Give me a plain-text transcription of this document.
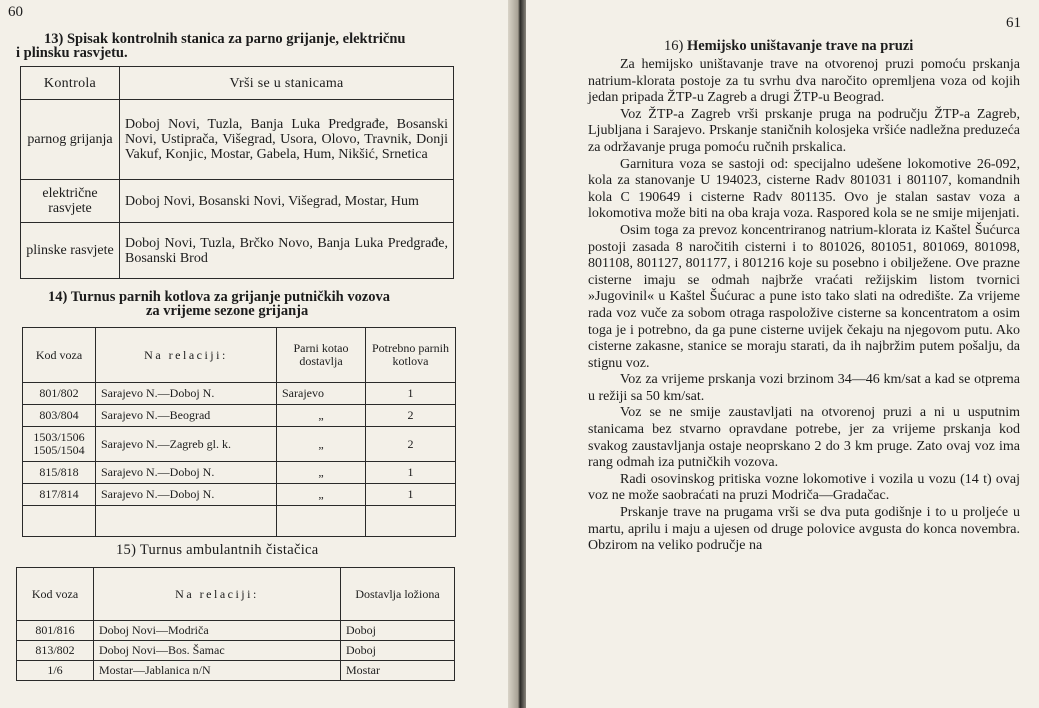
60
13) Spisak kontrolnih stanica za parno grijanje, električnu
i plinsku rasvjetu.
Kontrola	Vrši se u stanicama
parnog grijanja	Doboj Novi, Tuzla, Banja Luka Predgrađe, Bosanski Novi, Ustiprača, Višegrad, Usora, Olovo, Travnik, Donji Vakuf, Konjic, Mostar, Gabela, Hum, Nikšić, Srnetica
električne rasvjete	Doboj Novi, Bosanski Novi, Višegrad, Mostar, Hum
plinske rasvjete	Doboj Novi, Tuzla, Brčko Novo, Banja Luka Predgrađe, Bosanski Brod
14) Turnus parnih kotlova za grijanje putničkih vozova
za vrijeme sezone grijanja
Kod voza	Na relaciji:	Parni kotao dostavlja	Potrebno parnih kotlova
801/802	Sarajevo N.—Doboj N.	Sarajevo	1
803/804	Sarajevo N.—Beograd	„	2
1503/1506 1505/1504	Sarajevo N.—Zagreb gl. k.	„	2
815/818	Sarajevo N.—Doboj N.	„	1
817/814	Sarajevo N.—Doboj N.	„	1

15) Turnus ambulantnih čistačica
Kod voza	Na relaciji:	Dostavlja ložiona
801/816	Doboj Novi—Modriča	Doboj
813/802	Doboj Novi—Bos. Šamac	Doboj
1/6	Mostar—Jablanica n/N	Mostar
61
16) Hemijsko uništavanje trave na pruzi

Za hemijsko uništavanje trave na otvorenoj pruzi pomoću prskanja natrium-klorata postoje za tu svrhu dva naročito opremljena voza od kojih jedan pripada ŽTP-u Zagreb a drugi ŽTP-u Beograd.

Voz ŽTP-a Zagreb vrši prskanje pruga na području ŽTP-a Zagreb, Ljubljana i Sarajevo. Prskanje staničnih kolosjeka vršiće nadležna preduzeća za održavanje pruga pomoću ručnih prskalica.

Garnitura voza se sastoji od: specijalno udešene lokomotive 26-092, kola za stanovanje U 194023, cisterne Radv 801031 i 801107, komandnih kola C 190649 i cisterne Radv 801135. Ovo je stalan sastav voza a lokomotiva može biti na oba kraja voza. Raspored kola se ne smije mijenjati.

Osim toga za prevoz koncentriranog natrium-klorata iz Kaštel Šućurca postoji zasada 8 naročitih cisterni i to 801026, 801051, 801069, 801098, 801108, 801127, 801177, i 801216 koje su posebno i obilježene. Ove prazne cisterne imaju se odmah najbrže vraćati režijskim listom tvornici »Jugovinil« u Kaštel Šućurac a pune isto tako slati na odredište. Za vrijeme rada voz vuče za sobom otraga raspoložive cisterne sa koncentratom a osim toga je i potrebno, da ga pune cisterne uvijek čekaju na njegovom putu. Ako cisterne zakasne, stanice se moraju starati, da ih najbržim putem pošalju, da stignu voz.

Voz za vrijeme prskanja vozi brzinom 34—46 km/sat a kad se otprema u režiji sa 50 km/sat.

Voz se ne smije zaustavljati na otvorenoj pruzi a ni u usputnim stanicama bez stvarno opravdane potrebe, jer za vrijeme prskanja kod svakog zaustavljanja ostaje neoprskano 2 do 3 km pruge. Zato ovaj voz ima rang odmah iza putničkih vozova.

Radi osovinskog pritiska vozne lokomotive i vozila u vozu (14 t) ovaj voz ne može saobraćati na pruzi Modriča—Gradačac.

Prskanje trave na prugama vrši se dva puta godišnje i to u proljeće u martu, aprilu i maju a ujesen od druge polovice avgusta do konca novembra. Obzirom na veliko područje na
